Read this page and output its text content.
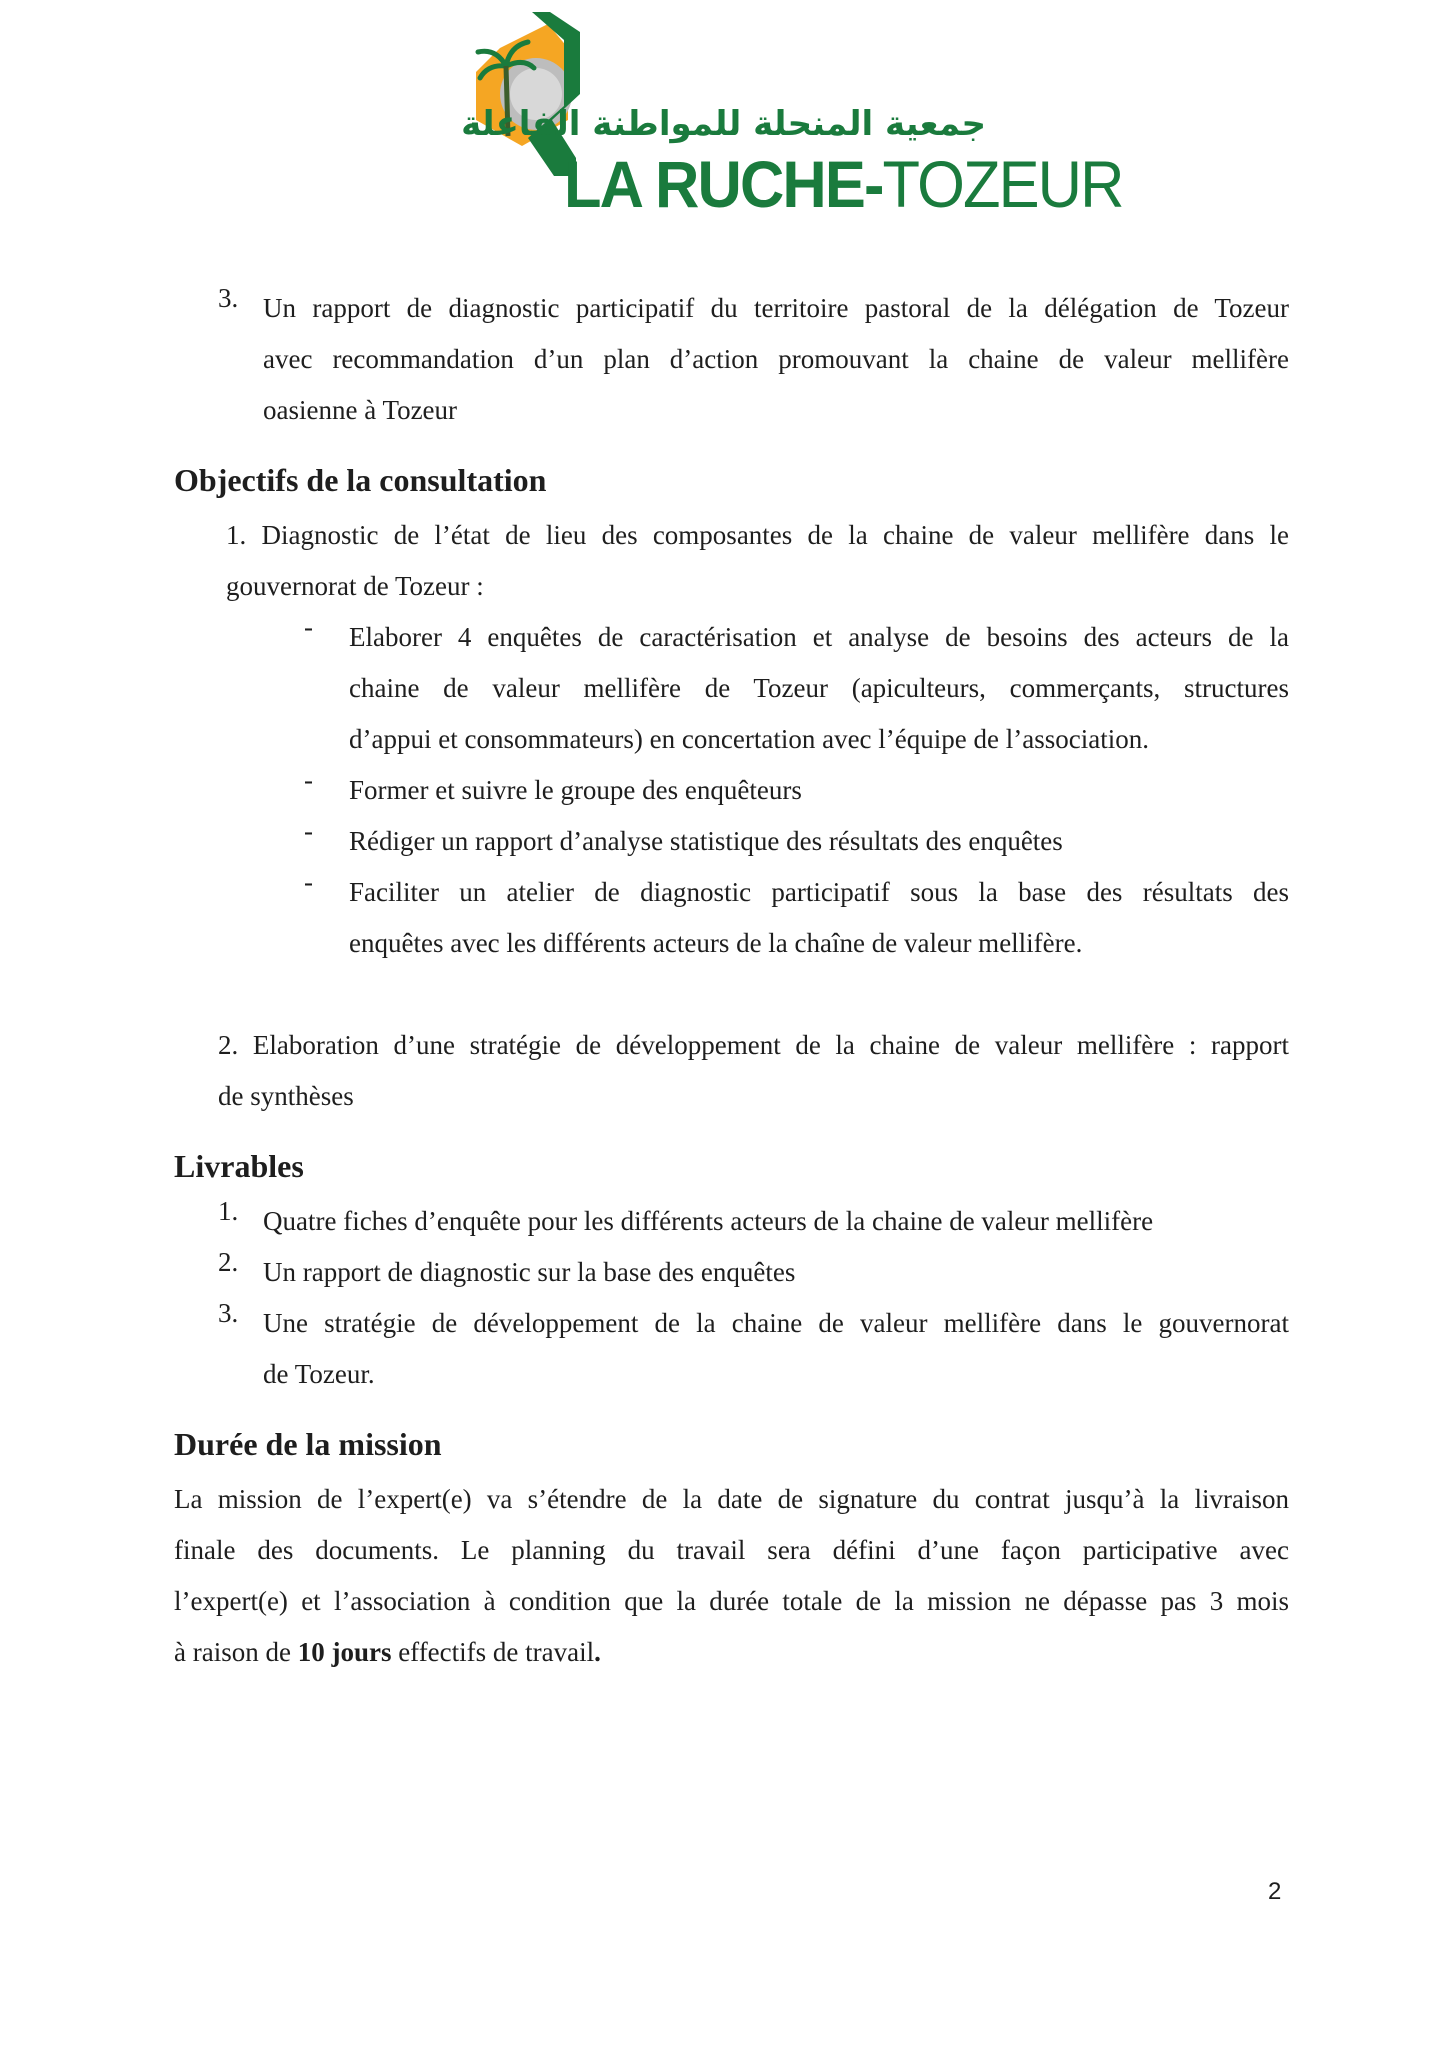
جمعية المنحلة للمواطنة الفاعلة
LA RUCHE-TOZEUR
3. Un rapport de diagnostic participatif du territoire pastoral de la délégation de Tozeur
avec recommandation d’un plan d’action promouvant la chaine de valeur mellifère
oasienne à Tozeur
Objectifs de la consultation
1. Diagnostic de l’état de lieu des composantes de la chaine de valeur mellifère dans le
gouvernorat de Tozeur :
- Elaborer 4 enquêtes de caractérisation et analyse de besoins des acteurs de la
chaine de valeur mellifère de Tozeur (apiculteurs, commerçants, structures
d’appui et consommateurs) en concertation avec l’équipe de l’association.
- Former et suivre le groupe des enquêteurs
- Rédiger un rapport d’analyse statistique des résultats des enquêtes
- Faciliter un atelier de diagnostic participatif sous la base des résultats des
enquêtes avec les différents acteurs de la chaîne de valeur mellifère.
2. Elaboration d’une stratégie de développement de la chaine de valeur mellifère : rapport
de synthèses
Livrables
1. Quatre fiches d’enquête pour les différents acteurs de la chaine de valeur mellifère
2. Un rapport de diagnostic sur la base des enquêtes
3. Une stratégie de développement de la chaine de valeur mellifère dans le gouvernorat
de Tozeur.
Durée de la mission
La mission de l’expert(e) va s’étendre de la date de signature du contrat jusqu’à la livraison
finale des documents. Le planning du travail sera défini d’une façon participative avec
l’expert(e) et l’association à condition que la durée totale de la mission ne dépasse pas 3 mois
à raison de 10 jours effectifs de travail.
2
